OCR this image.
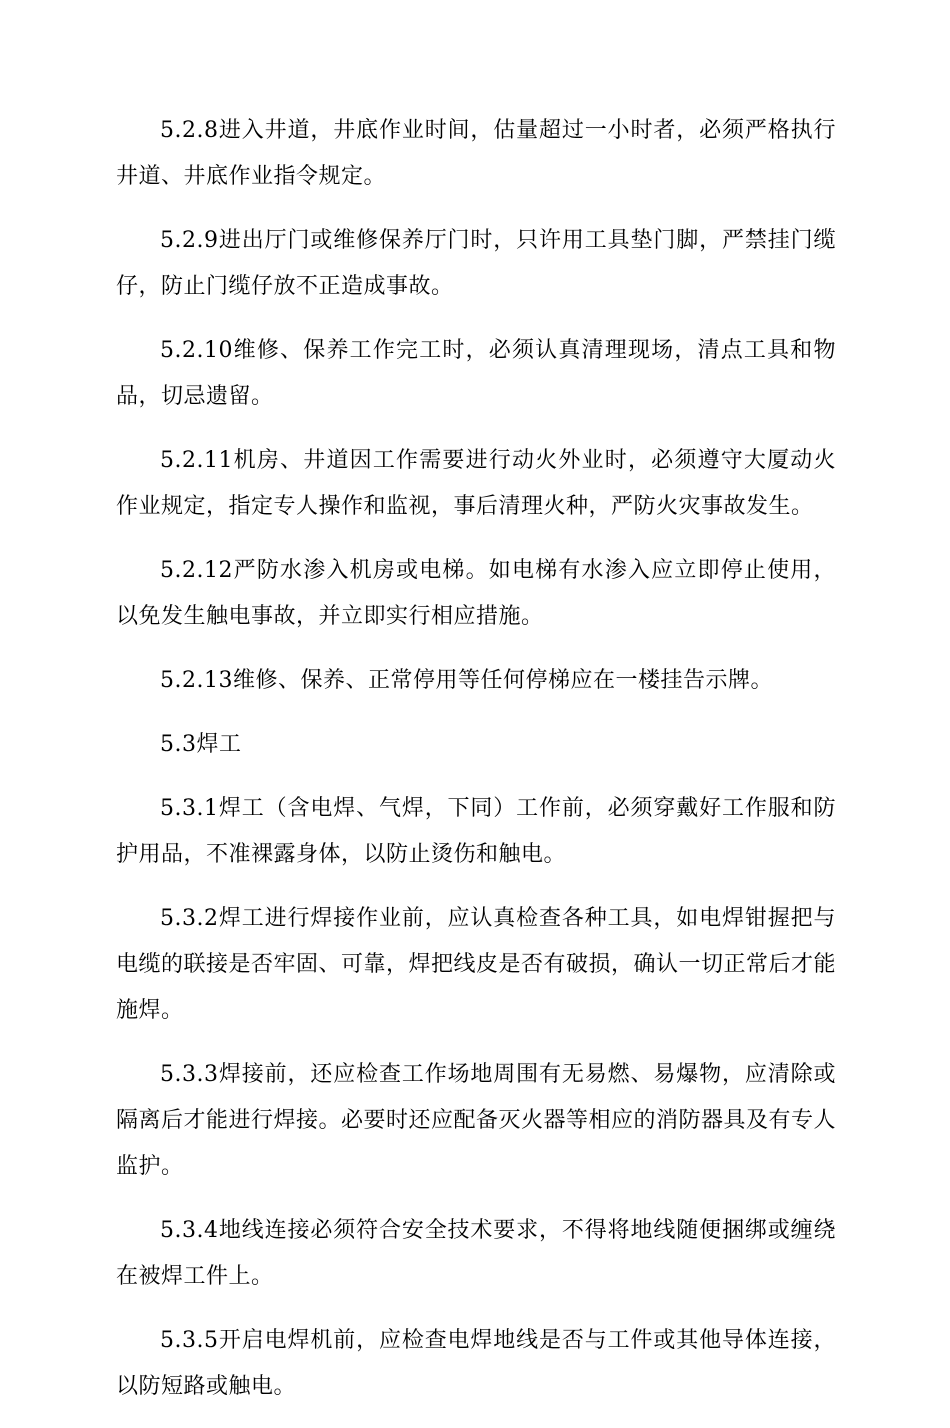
5.2.8进入井道，井底作业时间，估量超过一小时者，必须严格执行井道、井底作业指令规定。

5.2.9进出厅门或维修保养厅门时，只许用工具垫门脚，严禁挂门缆仔，防止门缆仔放不正造成事故。

5.2.10维修、保养工作完工时，必须认真清理现场，清点工具和物品，切忌遗留。

5.2.11机房、井道因工作需要进行动火外业时，必须遵守大厦动火作业规定，指定专人操作和监视，事后清理火种，严防火灾事故发生。

5.2.12严防水渗入机房或电梯。如电梯有水渗入应立即停止使用，以免发生触电事故，并立即实行相应措施。

5.2.13维修、保养、正常停用等任何停梯应在一楼挂告示牌。

5.3焊工

5.3.1焊工（含电焊、气焊，下同）工作前，必须穿戴好工作服和防护用品，不准裸露身体，以防止烫伤和触电。

5.3.2焊工进行焊接作业前，应认真检查各种工具，如电焊钳握把与电缆的联接是否牢固、可靠，焊把线皮是否有破损，确认一切正常后才能施焊。

5.3.3焊接前，还应检查工作场地周围有无易燃、易爆物，应清除或隔离后才能进行焊接。必要时还应配备灭火器等相应的消防器具及有专人监护。

5.3.4地线连接必须符合安全技术要求，不得将地线随便捆绑或缠绕在被焊工件上。

5.3.5开启电焊机前，应检查电焊地线是否与工件或其他导体连接，以防短路或触电。
